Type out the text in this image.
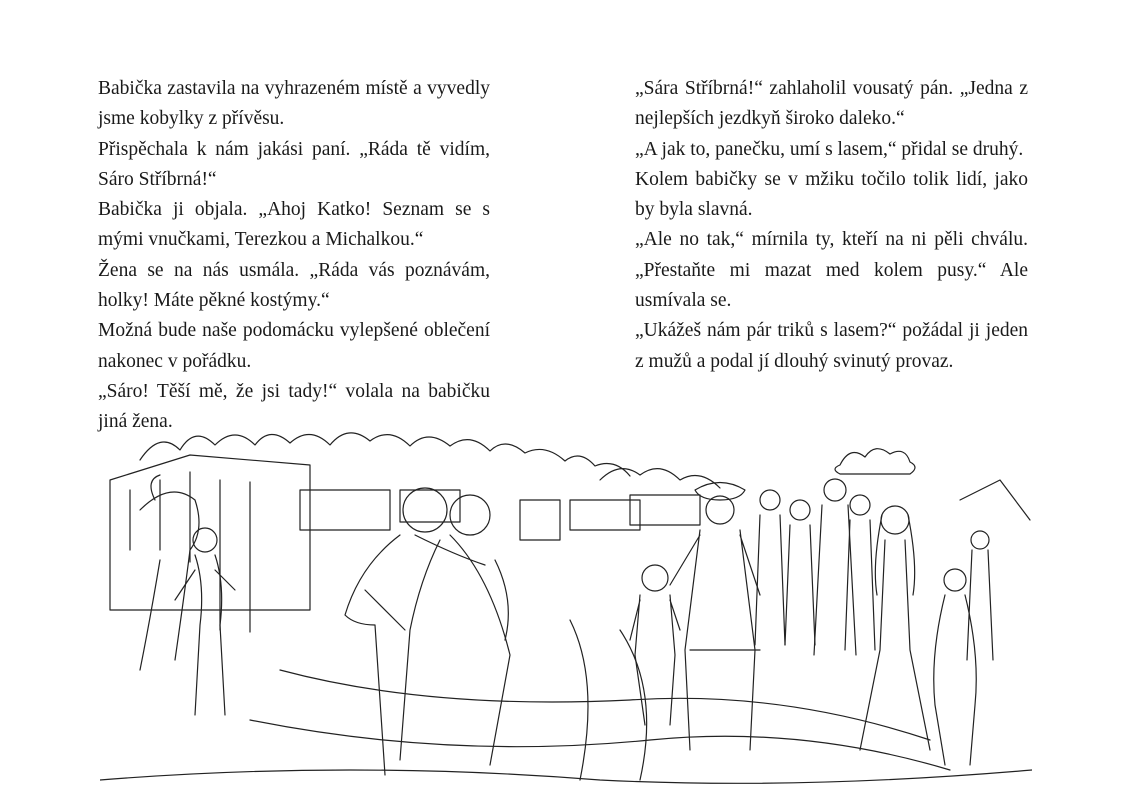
Babička zastavila na vyhrazeném místě a vyvedly jsme kobylky z přívěsu.

Přispěchala k nám jakási paní. „Ráda tě vidím, Sáro Stříbrná!“

Babička ji objala. „Ahoj Katko! Seznam se s mými vnučkami, Terezkou a Michalkou.“

Žena se na nás usmála. „Ráda vás poznávám, holky! Máte pěkné kostýmy.“

Možná bude naše podomácku vylepšené oblečení nakonec v pořádku.

„Sáro! Těší mě, že jsi tady!“ volala na babičku jiná žena.

„Sára Stříbrná!“ zahlaholil vousatý pán. „Jedna z nejlepších jezdkyň široko daleko.“

„A jak to, panečku, umí s lasem,“ přidal se druhý.

Kolem babičky se v mžiku točilo tolik lidí, jako by byla slavná.

„Ale no tak,“ mírnila ty, kteří na ni pěli chválu. „Přestaňte mi mazat med kolem pusy.“ Ale usmívala se.

„Ukážeš nám pár triků s lasem?“ požádal ji jeden z mužů a podal jí dlouhý svinutý provaz.
